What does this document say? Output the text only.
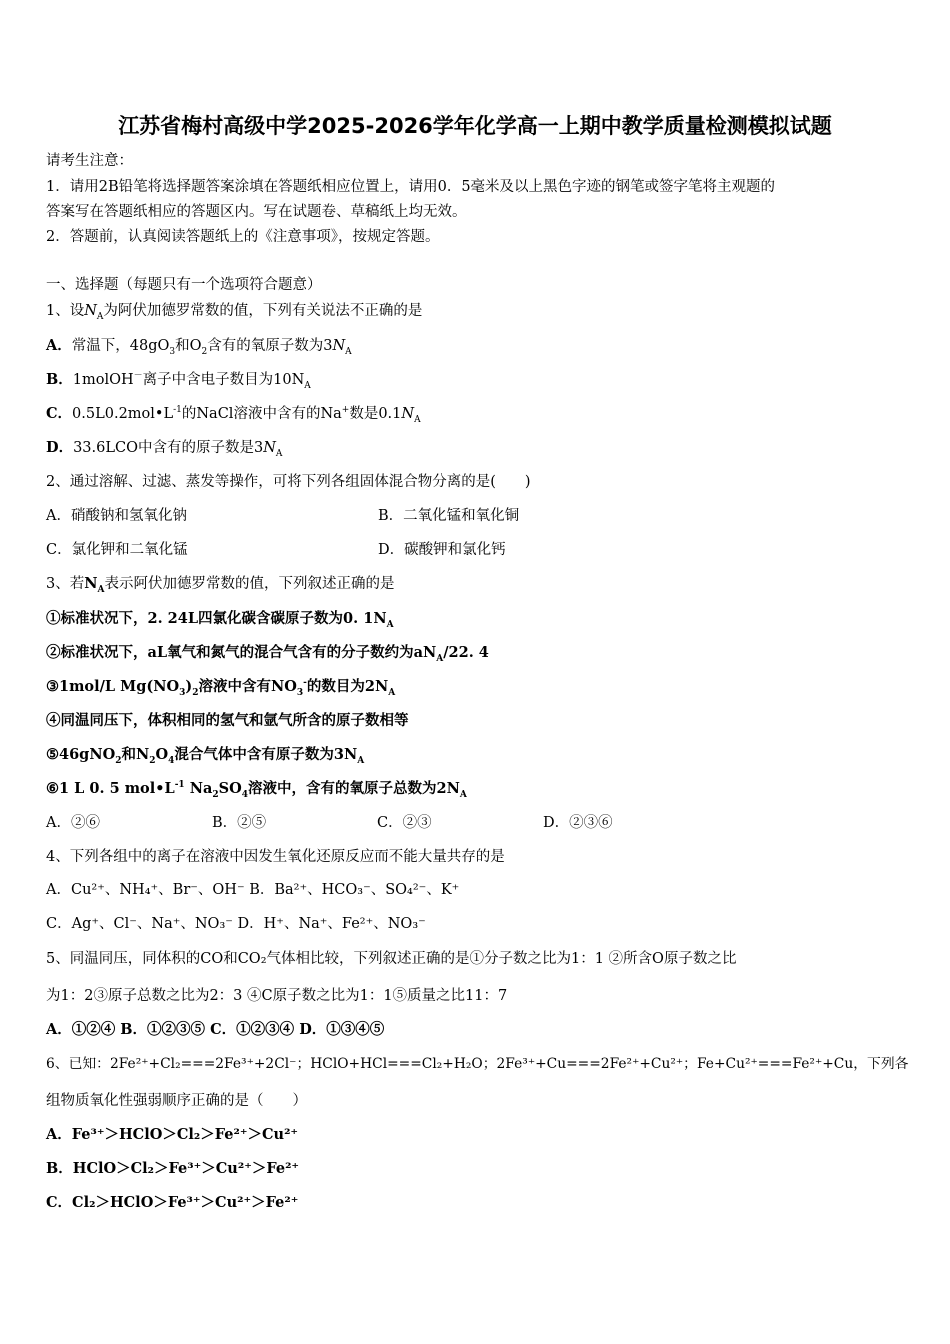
江苏省梅村高级中学2025-2026学年化学高一上期中教学质量检测模拟试题
请考生注意：
1．请用2B铅笔将选择题答案涂填在答题纸相应位置上，请用0．5毫米及以上黑色字迹的钢笔或签字笔将主观题的
答案写在答题纸相应的答题区内。写在试题卷、草稿纸上均无效。
2．答题前，认真阅读答题纸上的《注意事项》，按规定答题。
一、选择题（每题只有一个选项符合题意）
1、设$N_A$为阿伏加德罗常数的值，下列有关说法不正确的是
A．常温下，$48gO_3$和$O_2$含有的氧原子数为$3N_A$
B．1molOH－离子中含电子数目为$10N_A$
C．$0.5L0.2mol•L^{-1}$的NaCl溶液中含有的Na+数是$0.1N_A$
D．33.6LCO中含有的原子数是$3N_A$
2、通过溶解、过滤、蒸发等操作，可将下列各组固体混合物分离的是(　　)
A．硝酸钠和氢氧化钠	B．二氧化锰和氧化铜
C．氯化钾和二氧化锰	D．碳酸钾和氯化钙
3、若$N_A$表示阿伏加德罗常数的值，下列叙述正确的是
①标准状况下，2. 24L四氯化碳含碳原子数为0. $1N_A$
②标准状况下，aL氧气和氮气的混合气含有的分子数约为$aN_A/22$. 4
③1mol/L $Mg(NO_3)_2$溶液中含有$NO_3^-$的数目为$2N_A$
④同温同压下，体积相同的氢气和氩气所含的原子数相等
⑤46gNO$_2$和$N_2O_4$混合气体中含有原子数为$3N_A$
⑥1 L 0. 5 $mol•L^{-1}$ $Na_2SO_4$溶液中，含有的氧原子总数为$2N_A$
A．②⑥	B．②⑤	C．②③	D．②③⑥
4、下列各组中的离子在溶液中因发生氧化还原反应而不能大量共存的是
A．Cu²⁺、NH₄⁺、Br⁻、OH⁻ B．Ba²⁺、HCO₃⁻、SO₄²⁻、K⁺
C．Ag⁺、Cl⁻、Na⁺、NO₃⁻ D．H⁺、Na⁺、Fe²⁺、NO₃⁻
5、同温同压，同体积的CO和CO₂气体相比较，下列叙述正确的是①分子数之比为1：1 ②所含O原子数之比
为1：2③原子总数之比为2：3 ④C原子数之比为1：1⑤质量之比11：7
A．①②④ B．①②③⑤ C．①②③④ D．①③④⑤
6、已知：2Fe²⁺+Cl₂===2Fe³⁺+2Cl⁻；HClO+HCl===Cl₂+H₂O；2Fe³⁺+Cu===2Fe²⁺+Cu²⁺；Fe+Cu²⁺===Fe²⁺+Cu，下列各
组物质氧化性强弱顺序正确的是（　　）
A．Fe³⁺＞HClO＞Cl₂＞Fe²⁺＞Cu²⁺
B．HClO＞Cl₂＞Fe³⁺＞Cu²⁺＞Fe²⁺
C．Cl₂＞HClO＞Fe³⁺＞Cu²⁺＞Fe²⁺
